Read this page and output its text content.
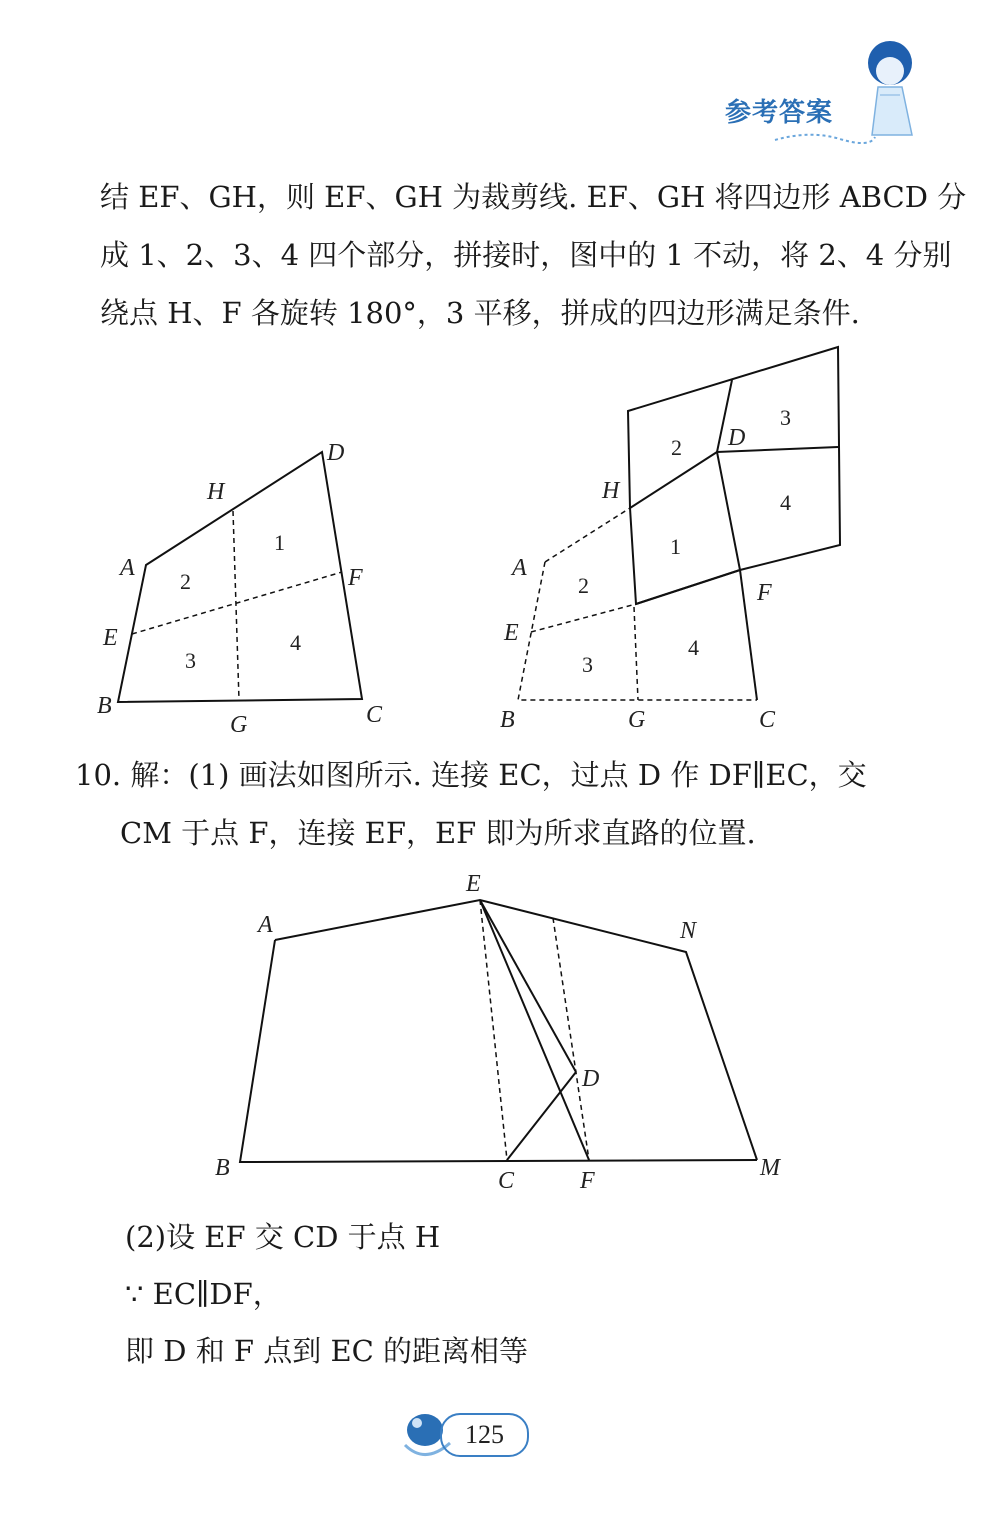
参考答案
结 EF、GH，则 EF、GH 为裁剪线. EF、GH 将四边形 ABCD 分
成 1、2、3、4 四个部分，拼接时，图中的 1 不动，将 2、4 分别
绕点 H、F 各旋转 180°，3 平移，拼成的四边形满足条件.
A
B	C
D
E
F
G
H
1
2
3
4
A
B	C
D
E
F
G
H
1
2
3
4
2
3
4
10. 解：(1) 画法如图所示. 连接 EC，过点 D 作 DF∥EC，交
CM 于点 F，连接 EF，EF 即为所求直路的位置.
A
B	C
D
E
F	M
N
(2)设 EF 交 CD 于点 H
∵ EC∥DF，
即 D 和 F 点到 EC 的距离相等
125
